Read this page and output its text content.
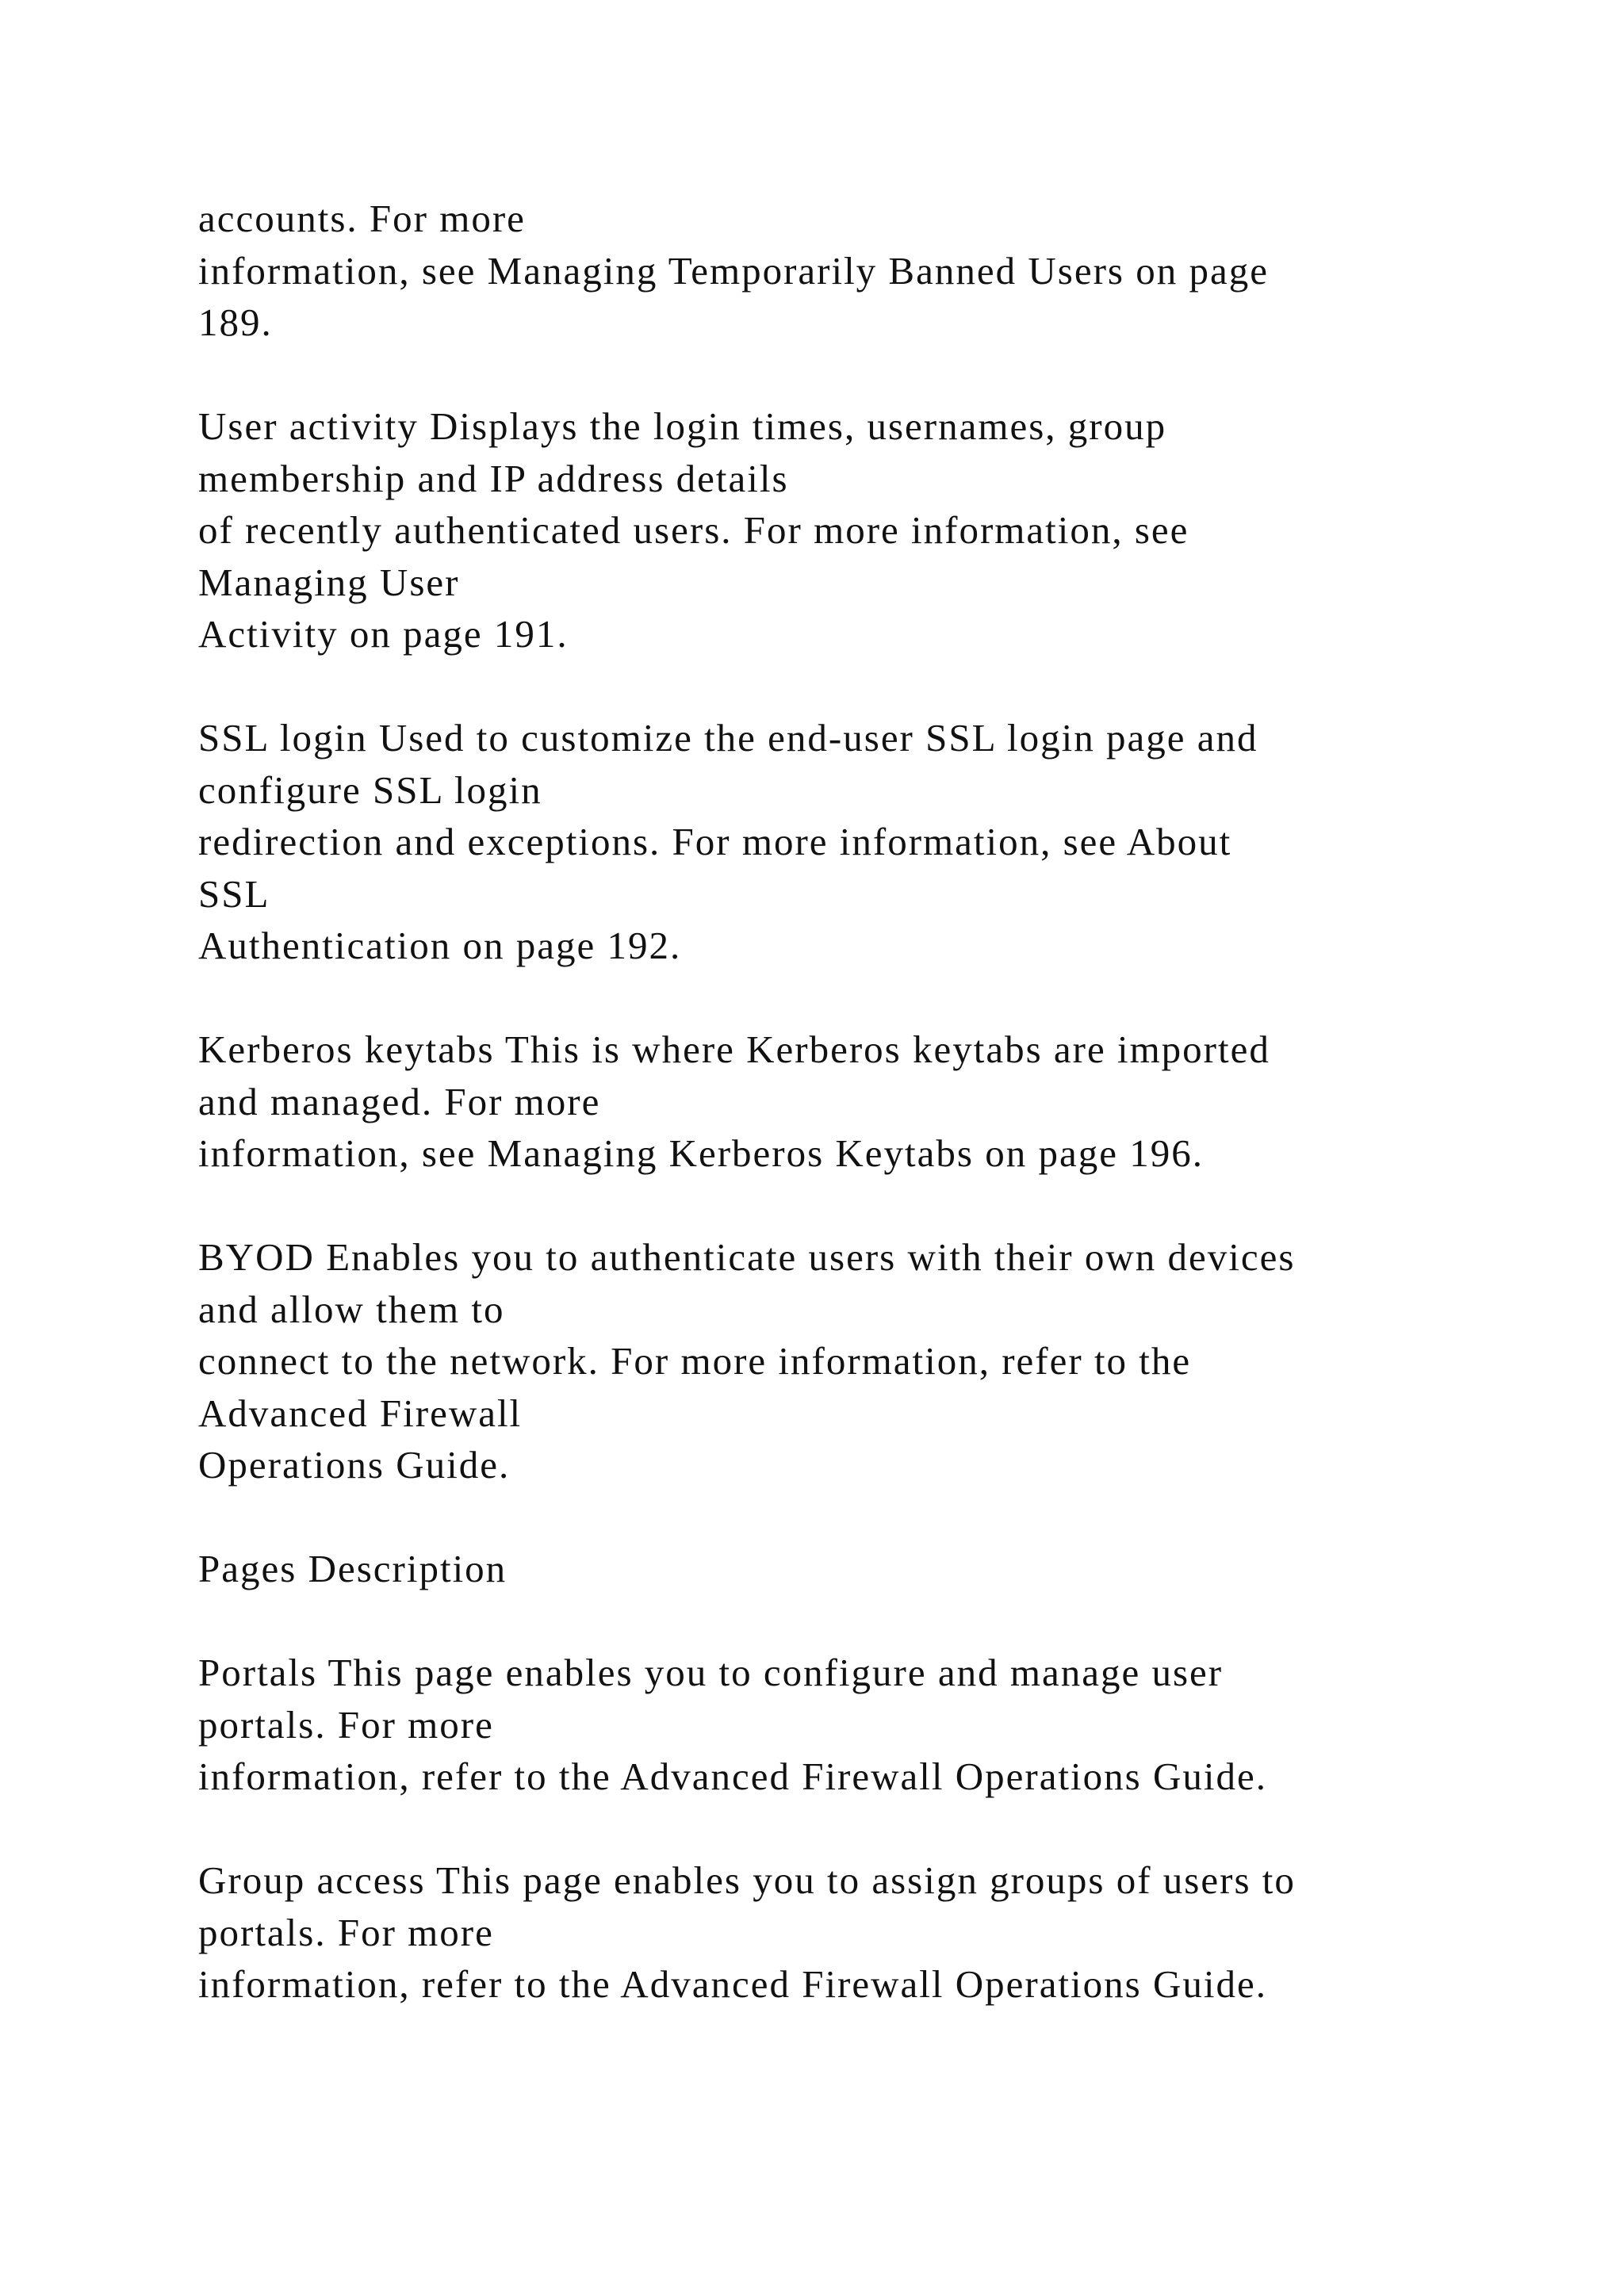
accounts. For more
information, see Managing Temporarily Banned Users on page
189.

User activity Displays the login times, usernames, group
membership and IP address details
of recently authenticated users. For more information, see
Managing User
Activity on page 191.

SSL login Used to customize the end-user SSL login page and
configure SSL login
redirection and exceptions. For more information, see About
SSL
Authentication on page 192.

Kerberos keytabs This is where Kerberos keytabs are imported
and managed. For more
information, see Managing Kerberos Keytabs on page 196.

BYOD Enables you to authenticate users with their own devices
and allow them to
connect to the network. For more information, refer to the
Advanced Firewall
Operations Guide.

Pages Description

Portals This page enables you to configure and manage user
portals. For more
information, refer to the Advanced Firewall Operations Guide.

Group access This page enables you to assign groups of users to
portals. For more
information, refer to the Advanced Firewall Operations Guide.
